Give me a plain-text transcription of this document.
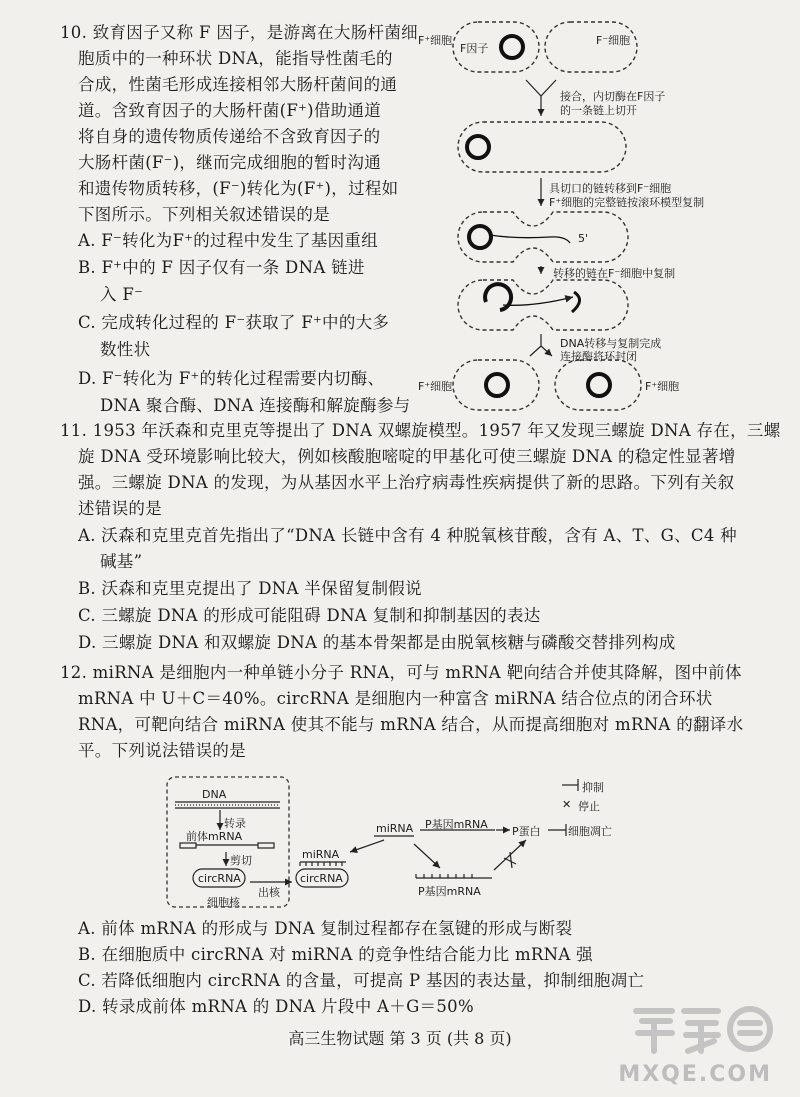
10. 致育因子又称 F 因子，是游离在大肠杆菌细
胞质中的一种环状 DNA，能指导性菌毛的
合成，性菌毛形成连接相邻大肠杆菌间的通
道。含致育因子的大肠杆菌(F⁺)借助通道
将自身的遗传物质传递给不含致育因子的
大肠杆菌(F⁻)，继而完成细胞的暂时沟通
和遗传物质转移，(F⁻)转化为(F⁺)，过程如
下图所示。下列相关叙述错误的是
A. F⁻转化为F⁺的过程中发生了基因重组
B. F⁺中的 F 因子仅有一条 DNA 链进
入 F⁻
C. 完成转化过程的 F⁻获取了 F⁺中的大多
数性状
D. F⁻转化为 F⁺的转化过程需要内切酶、
DNA 聚合酶、DNA 连接酶和解旋酶参与
F⁺细胞
F因子
F⁻细胞
接合，内切酶在F因子
的一条链上切开
具切口的链转移到F⁻细胞
F⁺细胞的完整链按滚环模型复制
5'
转移的链在F⁻细胞中复制
DNA转移与复制完成
连接酶将环封闭
F⁺细胞	F⁺细胞
11. 1953 年沃森和克里克等提出了 DNA 双螺旋模型。1957 年又发现三螺旋 DNA 存在，三螺
旋 DNA 受环境影响比较大，例如核酸胞嘧啶的甲基化可使三螺旋 DNA 的稳定性显著增
强。三螺旋 DNA 的发现，为从基因水平上治疗病毒性疾病提供了新的思路。下列有关叙
述错误的是
A. 沃森和克里克首先指出了“DNA 长链中含有 4 种脱氧核苷酸，含有 A、T、G、C4 种
碱基”
B. 沃森和克里克提出了 DNA 半保留复制假说
C. 三螺旋 DNA 的形成可能阻碍 DNA 复制和抑制基因的表达
D. 三螺旋 DNA 和双螺旋 DNA 的基本骨架都是由脱氧核糖与磷酸交替排列构成
12. miRNA 是细胞内一种单链小分子 RNA，可与 mRNA 靶向结合并使其降解，图中前体
mRNA 中 U＋C＝40%。circRNA 是细胞内一种富含 miRNA 结合位点的闭合环状
RNA，可靶向结合 miRNA 使其不能与 mRNA 结合，从而提高细胞对 mRNA 的翻译水
平。下列说法错误的是
抑制
✕ 停止
DNA
转录
前体mRNA
剪切
circRNA
细胞核
出核
miRNA
circRNA
miRNA P基因mRNA
P蛋白 细胞凋亡
P基因mRNA
A. 前体 mRNA 的形成与 DNA 复制过程都存在氢键的形成与断裂
B. 在细胞质中 circRNA 对 miRNA 的竞争性结合能力比 mRNA 强
C. 若降低细胞内 circRNA 的含量，可提高 P 基因的表达量，抑制细胞凋亡
D. 转录成前体 mRNA 的 DNA 片段中 A＋G＝50%
高三生物试题 第 3 页 (共 8 页)
MXQE.COM
